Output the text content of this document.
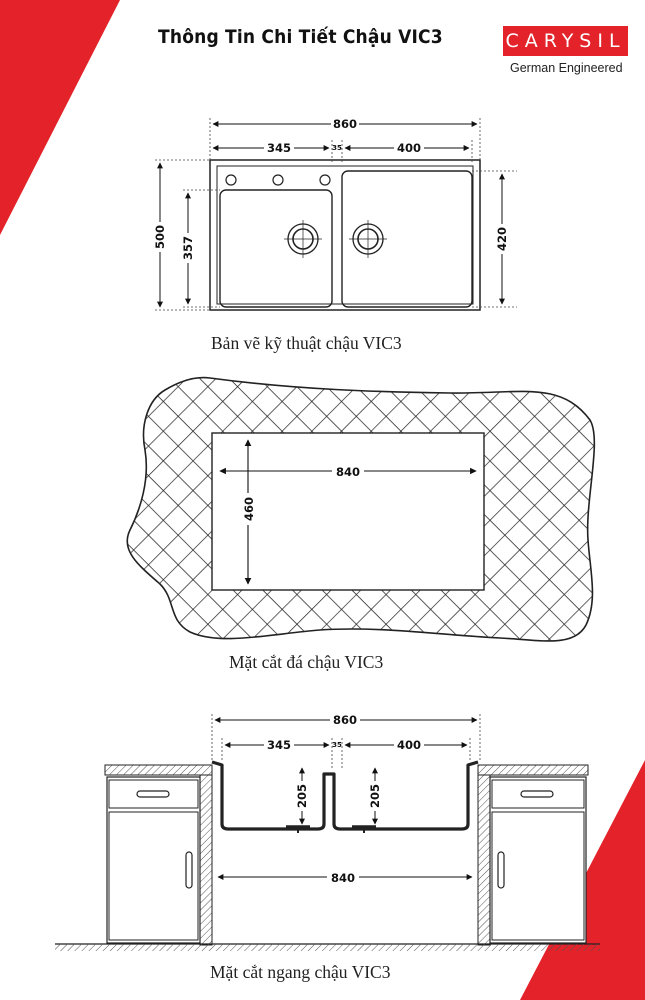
860
345	35	400
500 357	420
840
460
860
345	35	400
205	205
840
Thông Tin Chi Tiết Chậu VIC3	CARYSIL
German Engineered
Bản vẽ kỹ thuật chậu VIC3
Mặt cắt đá chậu VIC3
Mặt cắt ngang chậu VIC3
